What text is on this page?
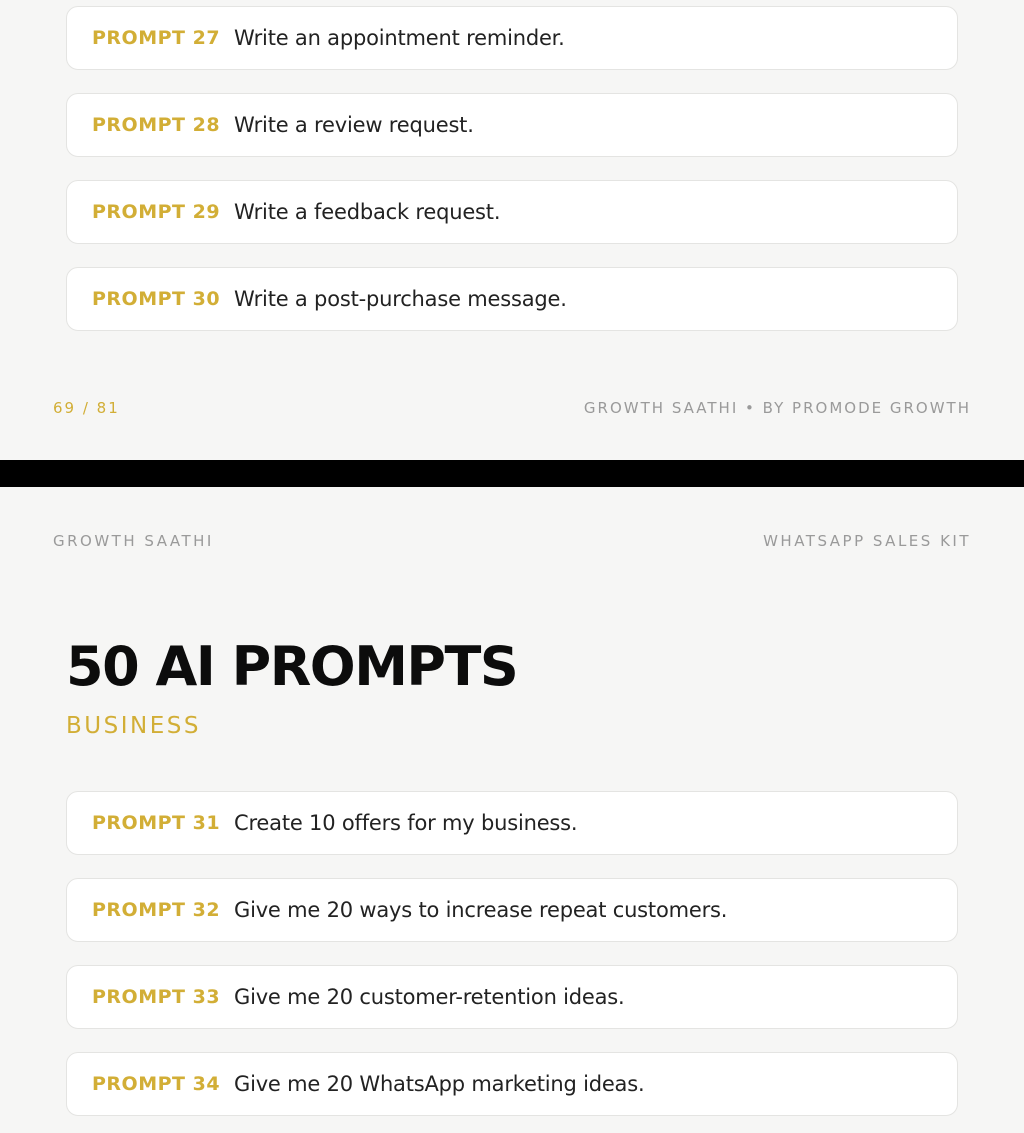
PROMPT 27 Write an appointment reminder.
PROMPT 28 Write a review request.
PROMPT 29 Write a feedback request.
PROMPT 30 Write a post-purchase message.
69 / 81	GROWTH SAATHI • BY PROMODE GROWTH
GROWTH SAATHI	WHATSAPP SALES KIT
50 AI PROMPTS
BUSINESS
PROMPT 31 Create 10 offers for my business.
PROMPT 32 Give me 20 ways to increase repeat customers.
PROMPT 33 Give me 20 customer-retention ideas.
PROMPT 34 Give me 20 WhatsApp marketing ideas.
